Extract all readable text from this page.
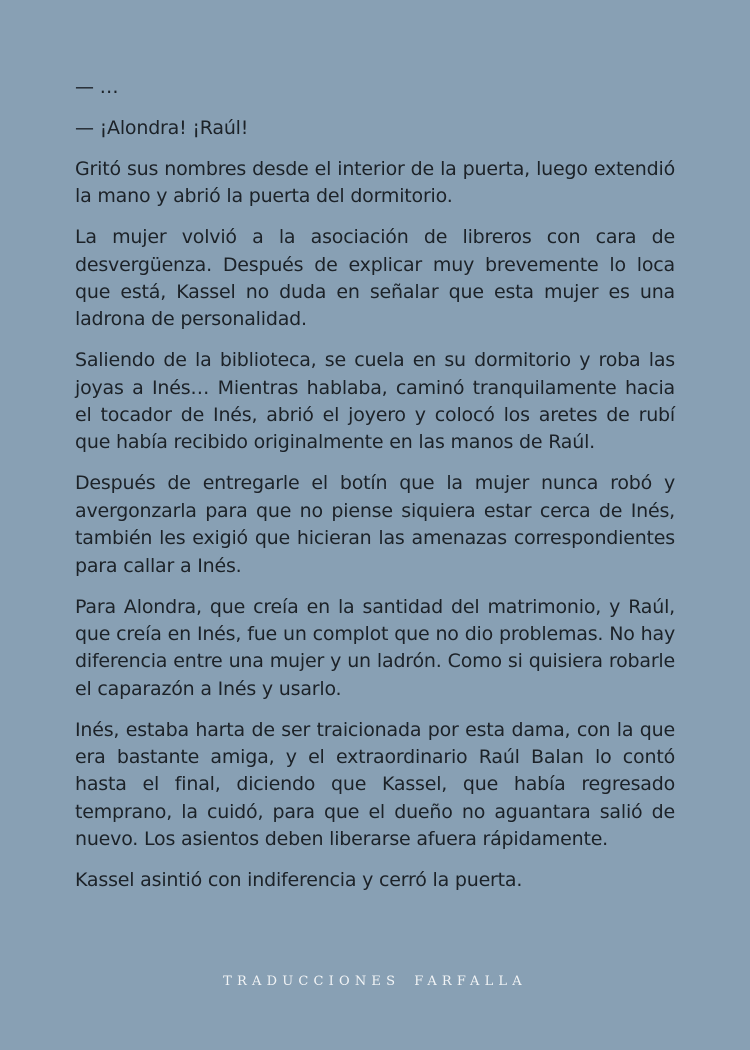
— …

— ¡Alondra! ¡Raúl!

Gritó sus nombres desde el interior de la puerta, luego extendió la mano y abrió la puerta del dormitorio.

La mujer volvió a la asociación de libreros con cara de desvergüenza. Después de explicar muy brevemente lo loca que está, Kassel no duda en señalar que esta mujer es una ladrona de personalidad.

Saliendo de la biblioteca, se cuela en su dormitorio y roba las joyas a Inés… Mientras hablaba, caminó tranquilamente hacia el tocador de Inés, abrió el joyero y colocó los aretes de rubí que había recibido originalmente en las manos de Raúl.

Después de entregarle el botín que la mujer nunca robó y avergonzarla para que no piense siquiera estar cerca de Inés, también les exigió que hicieran las amenazas correspondientes para callar a Inés.

Para Alondra, que creía en la santidad del matrimonio, y Raúl, que creía en Inés, fue un complot que no dio problemas. No hay diferencia entre una mujer y un ladrón. Como si quisiera robarle el caparazón a Inés y usarlo.

Inés, estaba harta de ser traicionada por esta dama, con la que era bastante amiga, y el extraordinario Raúl Balan lo contó hasta el final, diciendo que Kassel, que había regresado temprano, la cuidó, para que el dueño no aguantara salió de nuevo. Los asientos deben liberarse afuera rápidamente.

Kassel asintió con indiferencia y cerró la puerta.

TRADUCCIONES FARFALLA
